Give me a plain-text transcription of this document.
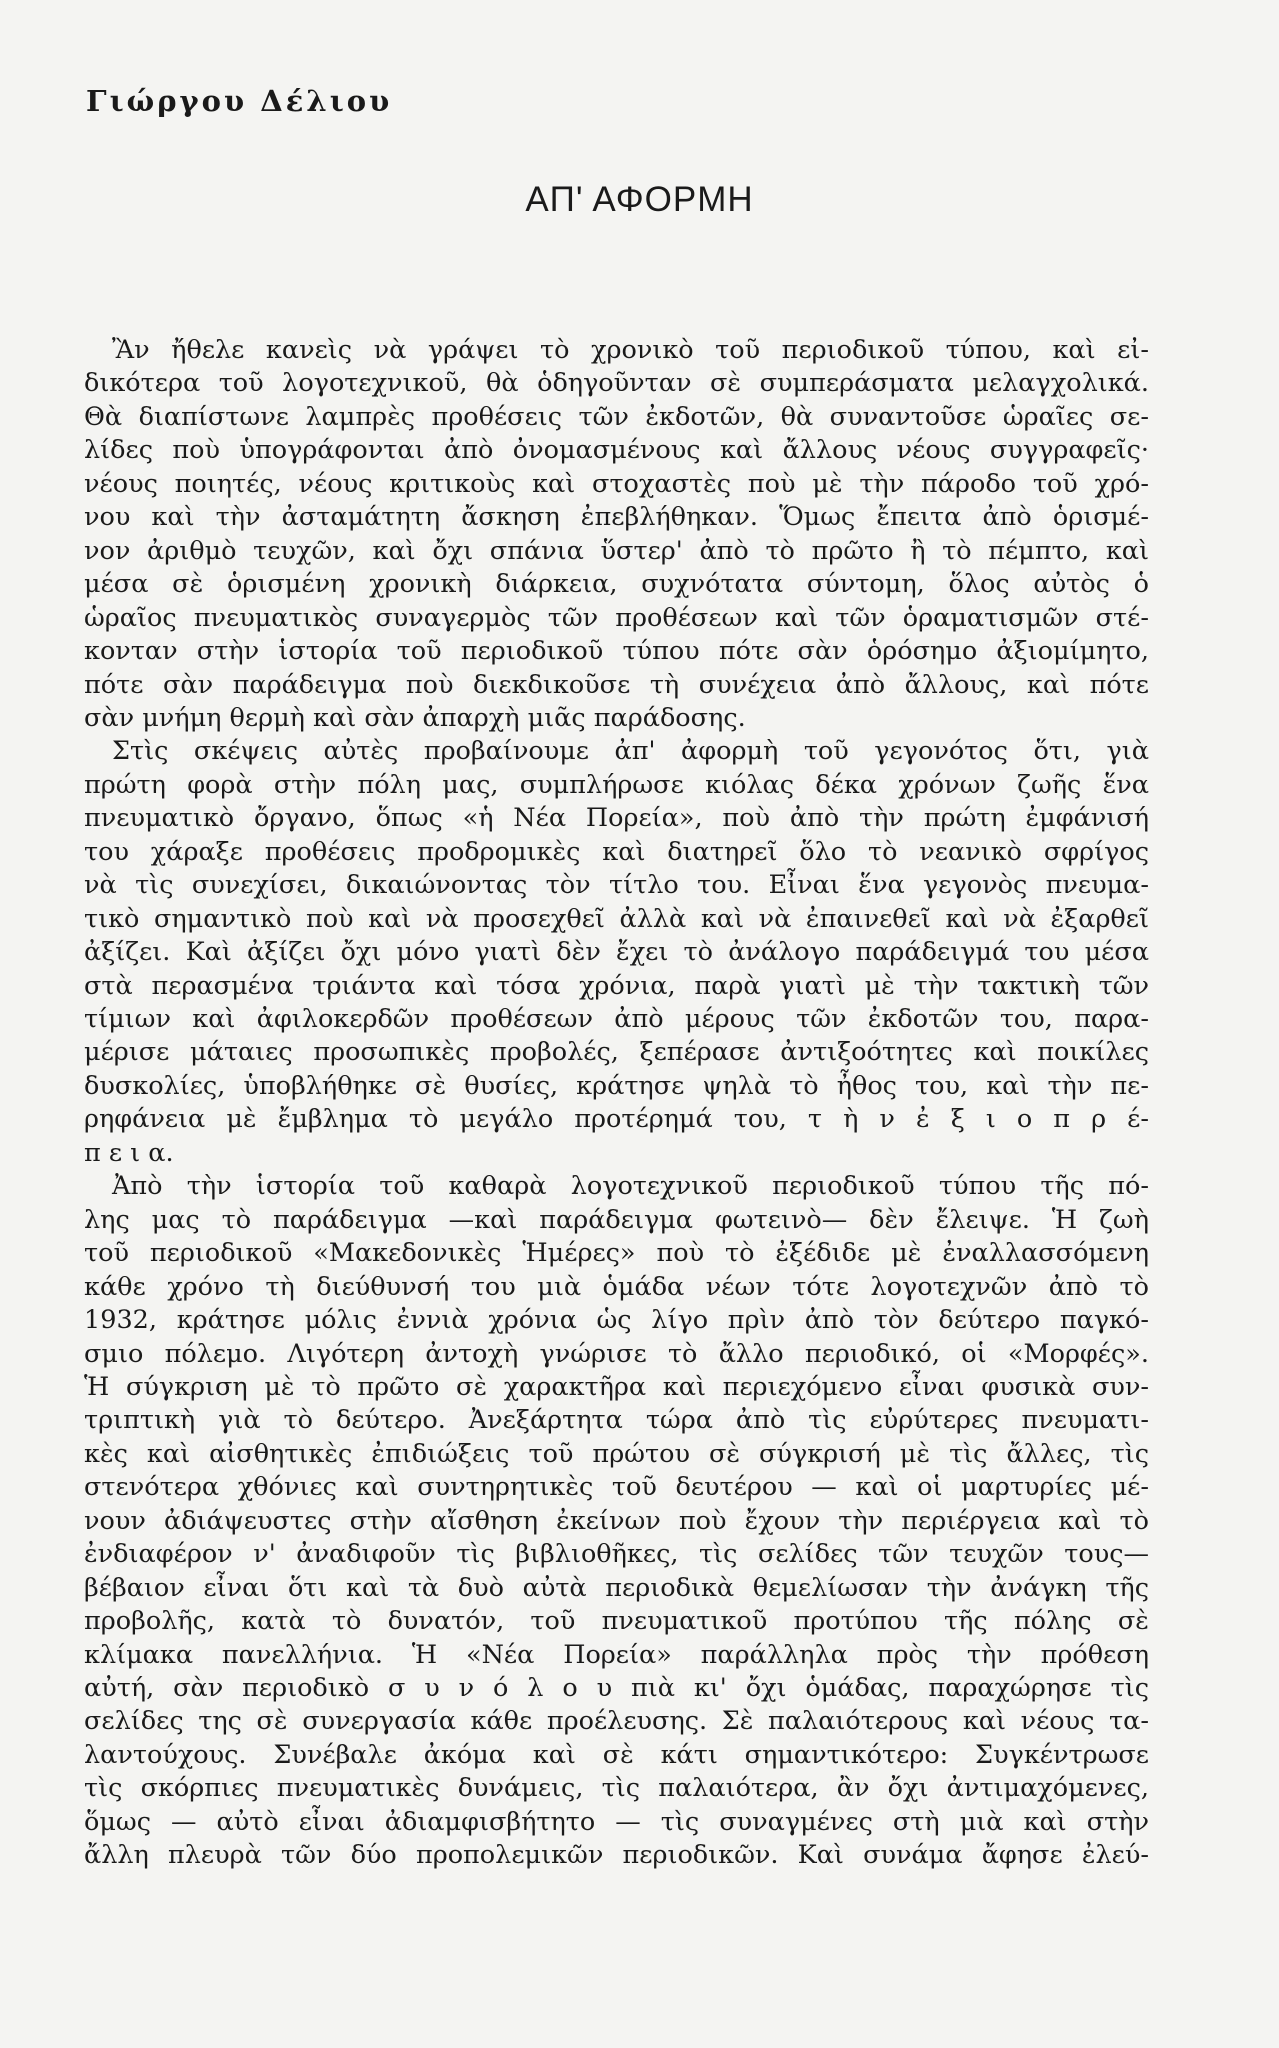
Γιώργου Δέλιου
ΑΠ' ΑΦΟΡΜΗ
Ἂν ἤθελε κανεὶς νὰ γράψει τὸ χρονικὸ τοῦ περιοδικοῦ τύπου, καὶ εἰ-
δικότερα τοῦ λογοτεχνικοῦ, θὰ ὁδηγοῦνταν σὲ συμπεράσματα μελαγχολικά.
Θὰ διαπίστωνε λαμπρὲς προθέσεις τῶν ἐκδοτῶν, θὰ συναντοῦσε ὡραῖες σε-
λίδες ποὺ ὑπογράφονται ἀπὸ ὀνομασμένους καὶ ἄλλους νέους συγγραφεῖς·
νέους ποιητές, νέους κριτικοὺς καὶ στοχαστὲς ποὺ μὲ τὴν πάροδο τοῦ χρό-
νου καὶ τὴν ἀσταμάτητη ἄσκηση ἐπεβλήθηκαν. Ὅμως ἔπειτα ἀπὸ ὁρισμέ-
νον ἀριθμὸ τευχῶν, καὶ ὄχι σπάνια ὕστερ' ἀπὸ τὸ πρῶτο ἢ τὸ πέμπτο, καὶ
μέσα σὲ ὁρισμένη χρονικὴ διάρκεια, συχνότατα σύντομη, ὅλος αὐτὸς ὁ
ὡραῖος πνευματικὸς συναγερμὸς τῶν προθέσεων καὶ τῶν ὁραματισμῶν στέ-
κονταν στὴν ἱστορία τοῦ περιοδικοῦ τύπου πότε σὰν ὁρόσημο ἀξιομίμητο,
πότε σὰν παράδειγμα ποὺ διεκδικοῦσε τὴ συνέχεια ἀπὸ ἄλλους, καὶ πότε
σὰν μνήμη θερμὴ καὶ σὰν ἀπαρχὴ μιᾶς παράδοσης.
Στὶς σκέψεις αὐτὲς προβαίνουμε ἀπ' ἀφορμὴ τοῦ γεγονότος ὅτι, γιὰ
πρώτη φορὰ στὴν πόλη μας, συμπλήρωσε κιόλας δέκα χρόνων ζωῆς ἕνα
πνευματικὸ ὄργανο, ὅπως «ἡ Νέα Πορεία», ποὺ ἀπὸ τὴν πρώτη ἐμφάνισή
του χάραξε προθέσεις προδρομικὲς καὶ διατηρεῖ ὅλο τὸ νεανικὸ σφρίγος
νὰ τὶς συνεχίσει, δικαιώνοντας τὸν τίτλο του. Εἶναι ἕνα γεγονὸς πνευμα-
τικὸ σημαντικὸ ποὺ καὶ νὰ προσεχθεῖ ἀλλὰ καὶ νὰ ἐπαινεθεῖ καὶ νὰ ἐξαρθεῖ
ἀξίζει. Καὶ ἀξίζει ὄχι μόνο γιατὶ δὲν ἔχει τὸ ἀνάλογο παράδειγμά του μέσα
στὰ περασμένα τριάντα καὶ τόσα χρόνια, παρὰ γιατὶ μὲ τὴν τακτικὴ τῶν
τίμιων καὶ ἀφιλοκερδῶν προθέσεων ἀπὸ μέρους τῶν ἐκδοτῶν του, παρα-
μέρισε μάταιες προσωπικὲς προβολές, ξεπέρασε ἀντιξοότητες καὶ ποικίλες
δυσκολίες, ὑποβλήθηκε σὲ θυσίες, κράτησε ψηλὰ τὸ ἦθος του, καὶ τὴν πε-
ρηφάνεια μὲ ἔμβλημα τὸ μεγάλο προτέρημά του, τ ὴ ν ἐ ξ ι ο π ρ έ-
π ε ι α.
Ἀπὸ τὴν ἱστορία τοῦ καθαρὰ λογοτεχνικοῦ περιοδικοῦ τύπου τῆς πό-
λης μας τὸ παράδειγμα —καὶ παράδειγμα φωτεινὸ— δὲν ἔλειψε. Ἡ ζωὴ
τοῦ περιοδικοῦ «Μακεδονικὲς Ἡμέρες» ποὺ τὸ ἐξέδιδε μὲ ἐναλλασσόμενη
κάθε χρόνο τὴ διεύθυνσή του μιὰ ὁμάδα νέων τότε λογοτεχνῶν ἀπὸ τὸ
1932, κράτησε μόλις ἐννιὰ χρόνια ὡς λίγο πρὶν ἀπὸ τὸν δεύτερο παγκό-
σμιο πόλεμο. Λιγότερη ἀντοχὴ γνώρισε τὸ ἄλλο περιοδικό, οἱ «Μορφές».
Ἡ σύγκριση μὲ τὸ πρῶτο σὲ χαρακτῆρα καὶ περιεχόμενο εἶναι φυσικὰ συν-
τριπτικὴ γιὰ τὸ δεύτερο. Ἀνεξάρτητα τώρα ἀπὸ τὶς εὐρύτερες πνευματι-
κὲς καὶ αἰσθητικὲς ἐπιδιώξεις τοῦ πρώτου σὲ σύγκρισή μὲ τὶς ἄλλες, τὶς
στενότερα χθόνιες καὶ συντηρητικὲς τοῦ δευτέρου — καὶ οἱ μαρτυρίες μέ-
νουν ἀδιάψευστες στὴν αἴσθηση ἐκείνων ποὺ ἔχουν τὴν περιέργεια καὶ τὸ
ἐνδιαφέρον ν' ἀναδιφοῦν τὶς βιβλιοθῆκες, τὶς σελίδες τῶν τευχῶν τους—
βέβαιον εἶναι ὅτι καὶ τὰ δυὸ αὐτὰ περιοδικὰ θεμελίωσαν τὴν ἀνάγκη τῆς
προβολῆς, κατὰ τὸ δυνατόν, τοῦ πνευματικοῦ προτύπου τῆς πόλης σὲ
κλίμακα πανελλήνια. Ἡ «Νέα Πορεία» παράλληλα πρὸς τὴν πρόθεση
αὐτή, σὰν περιοδικὸ σ υ ν ό λ ο υ πιὰ κι' ὄχι ὁμάδας, παραχώρησε τὶς
σελίδες της σὲ συνεργασία κάθε προέλευσης. Σὲ παλαιότερους καὶ νέους τα-
λαντούχους. Συνέβαλε ἀκόμα καὶ σὲ κάτι σημαντικότερο: Συγκέντρωσε
τὶς σκόρπιες πνευματικὲς δυνάμεις, τὶς παλαιότερα, ἂν ὄχι ἀντιμαχόμενες,
ὅμως — αὐτὸ εἶναι ἀδιαμφισβήτητο — τὶς συναγμένες στὴ μιὰ καὶ στὴν
ἄλλη πλευρὰ τῶν δύο προπολεμικῶν περιοδικῶν. Καὶ συνάμα ἄφησε ἐλεύ-
